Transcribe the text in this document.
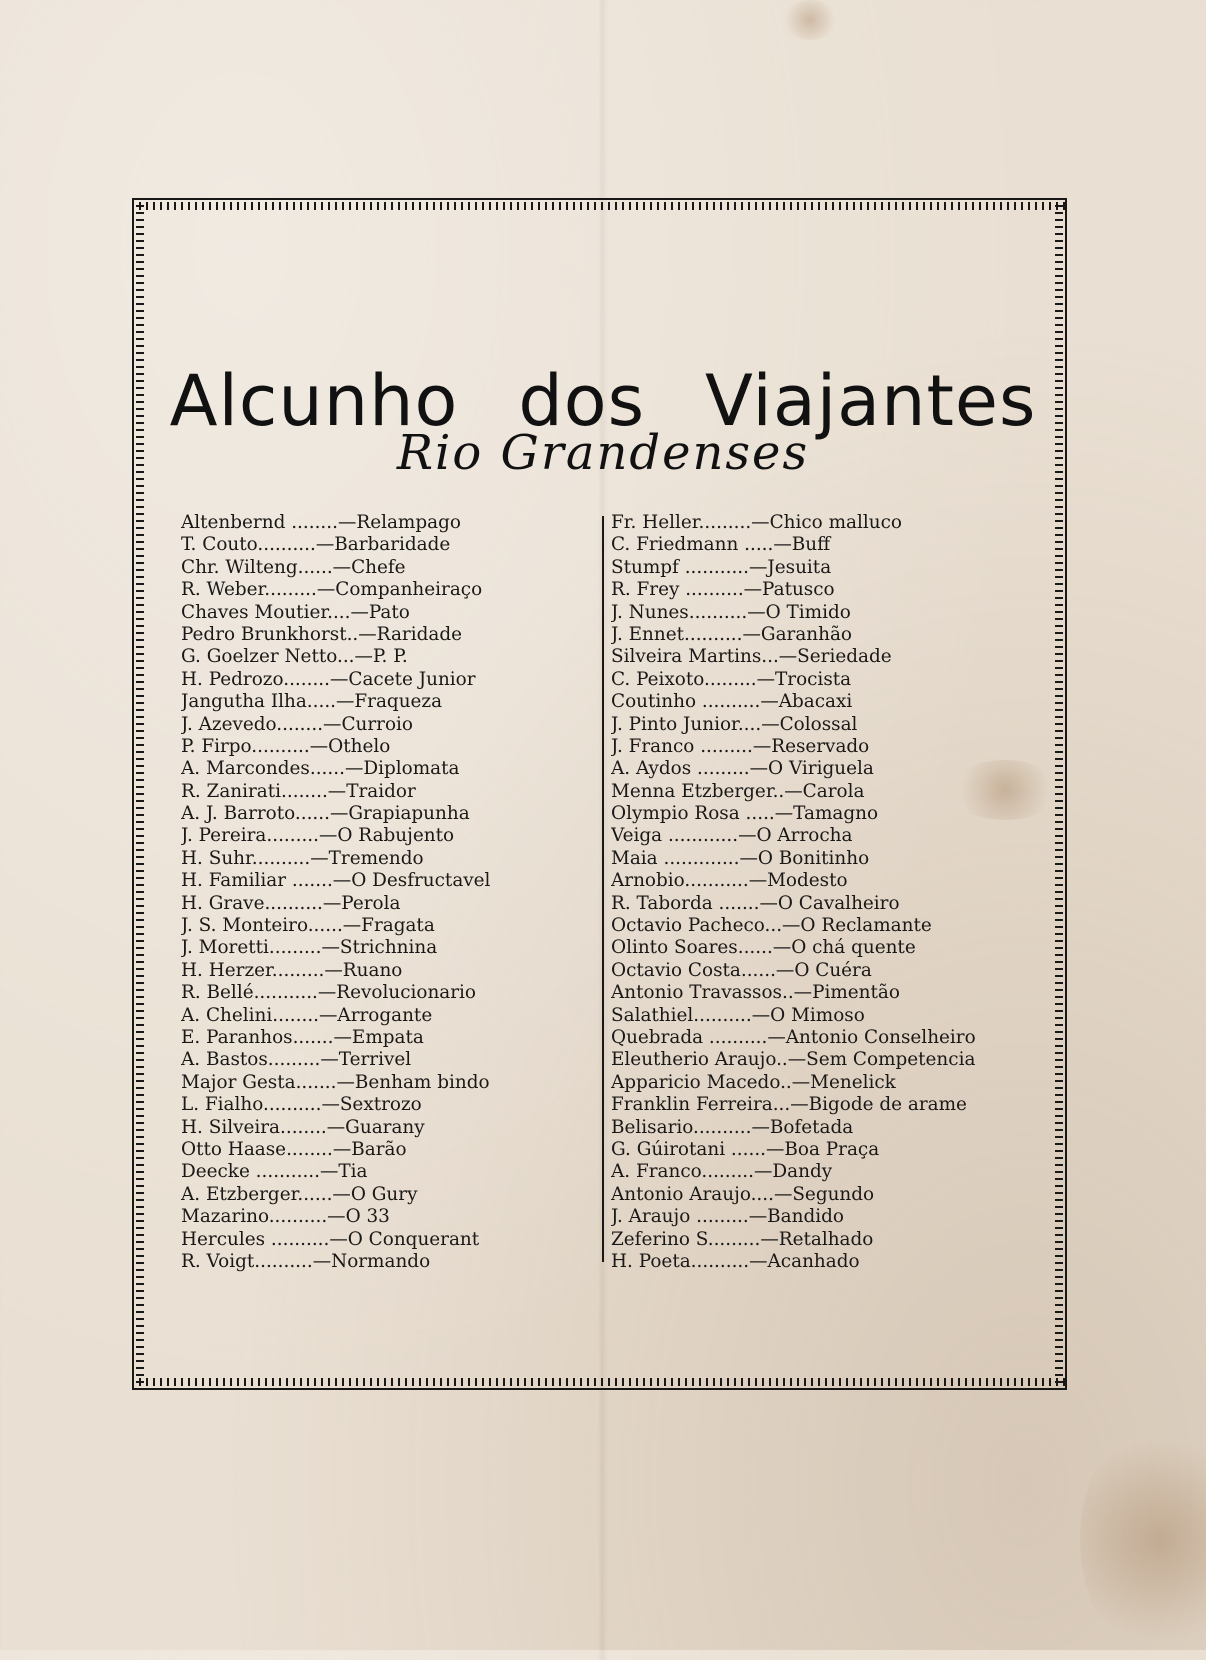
Alcunho dos Viajantes
Rio Grandenses
Altenbernd ........—Relampago
T. Couto..........—Barbaridade
Chr. Wilteng......—Chefe
R. Weber.........—Companheiraço
Chaves Moutier....—Pato
Pedro Brunkhorst..—Raridade
G. Goelzer Netto...—P. P.
H. Pedrozo........—Cacete Junior
Jangutha Ilha.....—Fraqueza
J. Azevedo........—Curroio
P. Firpo..........—Othelo
A. Marcondes......—Diplomata
R. Zanirati........—Traidor
A. J. Barroto......—Grapiapunha
J. Pereira.........—O Rabujento
H. Suhr..........—Tremendo
H. Familiar .......—O Desfructavel
H. Grave..........—Perola
J. S. Monteiro......—Fragata
J. Moretti.........—Strichnina
H. Herzer.........—Ruano
R. Bellé...........—Revolucionario
A. Chelini........—Arrogante
E. Paranhos.......—Empata
A. Bastos.........—Terrivel
Major Gesta.......—Benham bindo
L. Fialho..........—Sextrozo
H. Silveira........—Guarany
Otto Haase........—Barão
Deecke ...........—Tia
A. Etzberger......—O Gury
Mazarino..........—O 33
Hercules ..........—O Conquerant
R. Voigt..........—Normando
Fr. Heller.........—Chico malluco
C. Friedmann .....—Buff
Stumpf ...........—Jesuita
R. Frey ..........—Patusco
J. Nunes..........—O Timido
J. Ennet..........—Garanhão
Silveira Martins...—Seriedade
C. Peixoto.........—Trocista
Coutinho ..........—Abacaxi
J. Pinto Junior....—Colossal
J. Franco .........—Reservado
A. Aydos .........—O Viriguela
Menna Etzberger..—Carola
Olympio Rosa .....—Tamagno
Veiga ............—O Arrocha
Maia .............—O Bonitinho
Arnobio...........—Modesto
R. Taborda .......—O Cavalheiro
Octavio Pacheco...—O Reclamante
Olinto Soares......—O chá quente
Octavio Costa......—O Cuéra
Antonio Travassos..—Pimentão
Salathiel..........—O Mimoso
Quebrada ..........—Antonio Conselheiro
Eleutherio Araujo..—Sem Competencia
Apparicio Macedo..—Menelick
Franklin Ferreira...—Bigode de arame
Belisario..........—Bofetada
G. Gúirotani ......—Boa Praça
A. Franco.........—Dandy
Antonio Araujo....—Segundo
J. Araujo .........—Bandido
Zeferino S.........—Retalhado
H. Poeta..........—Acanhado
